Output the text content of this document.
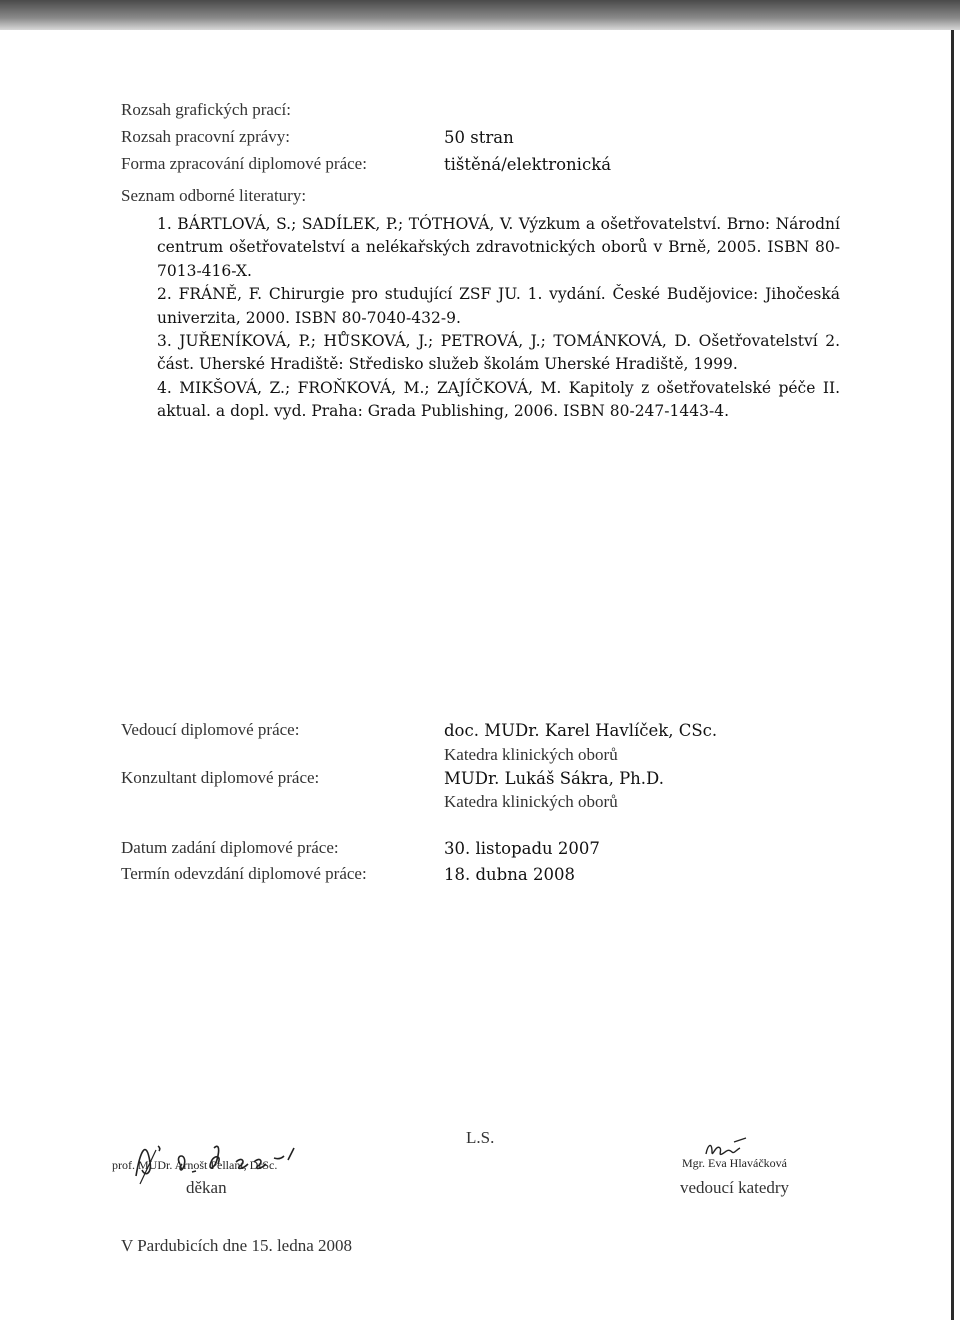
Rozsah grafických prací:
Rozsah pracovní zprávy:	50 stran
Forma zpracování diplomové práce:	tištěná/elektronická
Seznam odborné literatury:
1. BÁRTLOVÁ, S.; SADÍLEK, P.; TÓTHOVÁ, V. Výzkum a ošetřovatelství. Brno: Národní centrum ošetřovatelství a nelékařských zdravotnických oborů v Brně, 2005. ISBN 80-7013-416-X.
2. FRÁNĚ, F. Chirurgie pro studující ZSF JU. 1. vydání. České Budějovice: Jihočeská univerzita, 2000. ISBN 80-7040-432-9.
3. JUŘENÍKOVÁ, P.; HŮSKOVÁ, J.; PETROVÁ, J.; TOMÁNKOVÁ, D. Ošetřovatelství 2. část. Uherské Hradiště: Středisko služeb školám Uherské Hradiště, 1999.
4. MIKŠOVÁ, Z.; FROŇKOVÁ, M.; ZAJÍČKOVÁ, M. Kapitoly z ošetřovatelské péče II. aktual. a dopl. vyd. Praha: Grada Publishing, 2006. ISBN 80-247-1443-4.
Vedoucí diplomové práce:	doc. MUDr. Karel Havlíček, CSc.
Katedra klinických oborů
Konzultant diplomové práce:	MUDr. Lukáš Sákra, Ph.D.
Katedra klinických oborů
Datum zadání diplomové práce:	30. listopadu 2007
Termín odevzdání diplomové práce:	18. dubna 2008
prof. MUDr. Arnošt Pellant, DrSc.
děkan
L.S.
Mgr. Eva Hlaváčková
vedoucí katedry
V Pardubicích dne 15. ledna 2008
